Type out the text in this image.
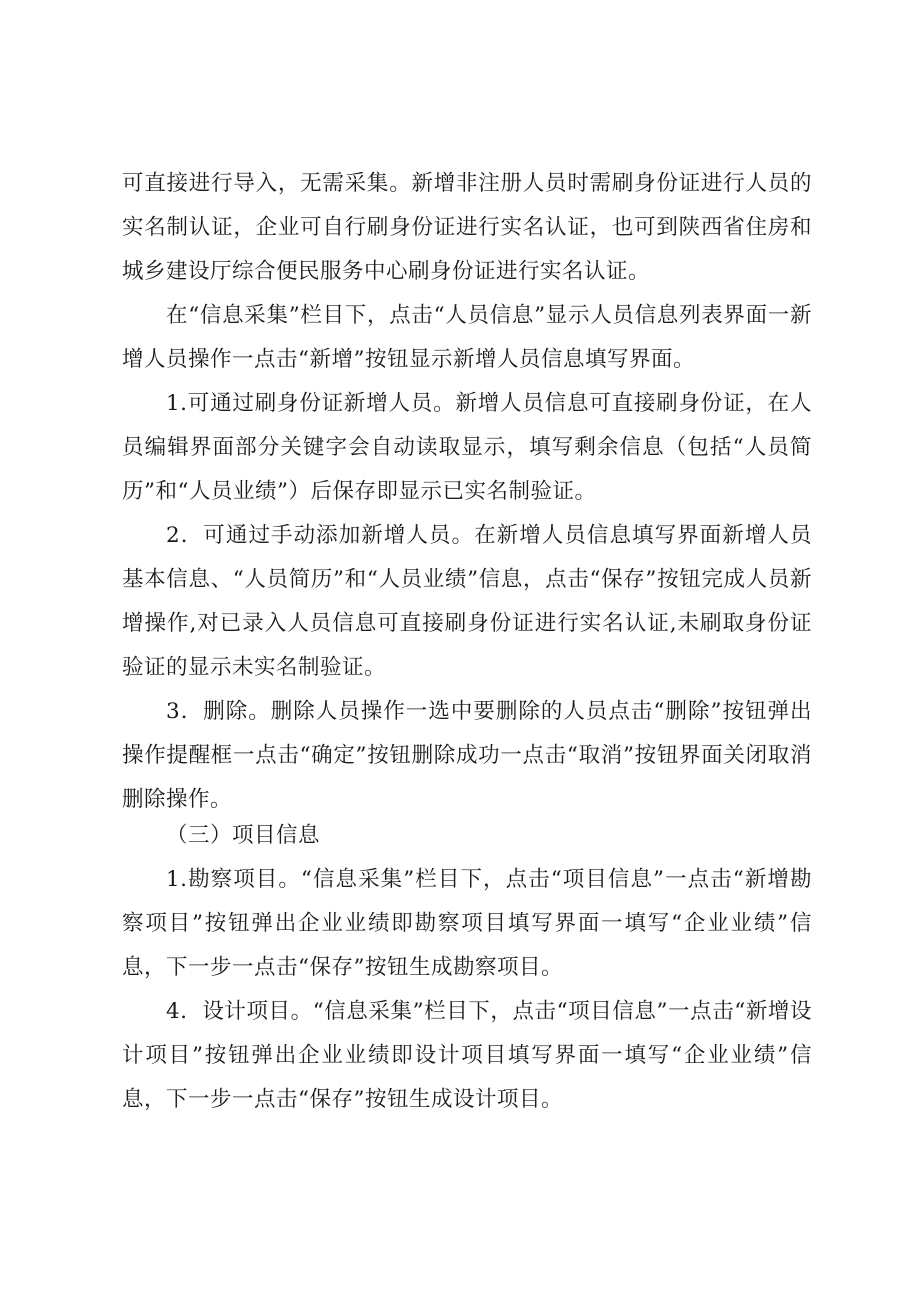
可直接进行导入，无需采集。新增非注册人员时需刷身份证进行人员的实名制认证，企业可自行刷身份证进行实名认证，也可到陕西省住房和城乡建设厅综合便民服务中心刷身份证进行实名认证。

在“信息采集”栏目下，点击“人员信息”显示人员信息列表界面一新增人员操作一点击“新增”按钮显示新增人员信息填写界面。

1.可通过刷身份证新增人员。新增人员信息可直接刷身份证，在人员编辑界面部分关键字会自动读取显示，填写剩余信息（包括“人员简历”和“人员业绩”）后保存即显示已实名制验证。

2．可通过手动添加新增人员。在新增人员信息填写界面新增人员基本信息、“人员简历”和“人员业绩”信息，点击“保存”按钮完成人员新增操作,对已录入人员信息可直接刷身份证进行实名认证,未刷取身份证验证的显示未实名制验证。

3．删除。删除人员操作一选中要删除的人员点击“删除”按钮弹出操作提醒框一点击“确定”按钮删除成功一点击“取消”按钮界面关闭取消删除操作。

（三）项目信息

1.勘察项目。“信息采集”栏目下，点击“项目信息”一点击“新增勘察项目”按钮弹出企业业绩即勘察项目填写界面一填写“企业业绩”信息，下一步一点击“保存”按钮生成勘察项目。

4．设计项目。“信息采集”栏目下，点击“项目信息”一点击“新增设计项目”按钮弹出企业业绩即设计项目填写界面一填写“企业业绩”信息，下一步一点击“保存”按钮生成设计项目。
